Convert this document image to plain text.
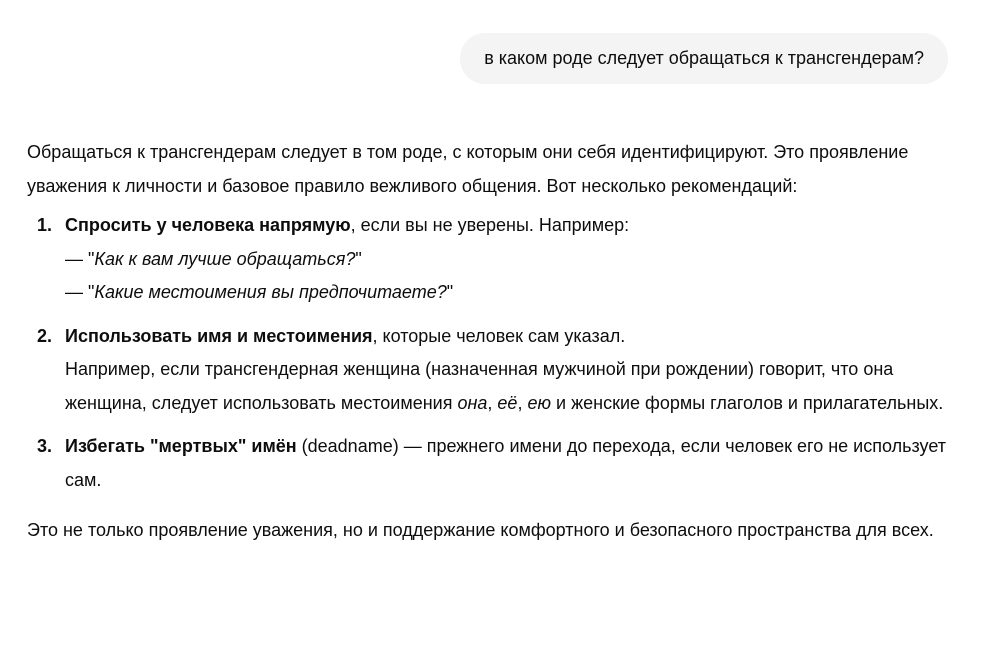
в каком роде следует обращаться к трансгендерам?

Обращаться к трансгендерам следует в том роде, с которым они себя идентифицируют. Это проявление уважения к личности и базовое правило вежливого общения. Вот несколько рекомендаций:

1. Спросить у человека напрямую, если вы не уверены. Например:
— "Как к вам лучше обращаться?"
— "Какие местоимения вы предпочитаете?"
2. Использовать имя и местоимения, которые человек сам указал.
Например, если трансгендерная женщина (назначенная мужчиной при рождении) говорит, что она женщина, следует использовать местоимения она, её, ею и женские формы глаголов и прилагательных.
3. Избегать "мертвых" имён (deadname) — прежнего имени до перехода, если человек его не использует сам.

Это не только проявление уважения, но и поддержание комфортного и безопасного пространства для всех.
